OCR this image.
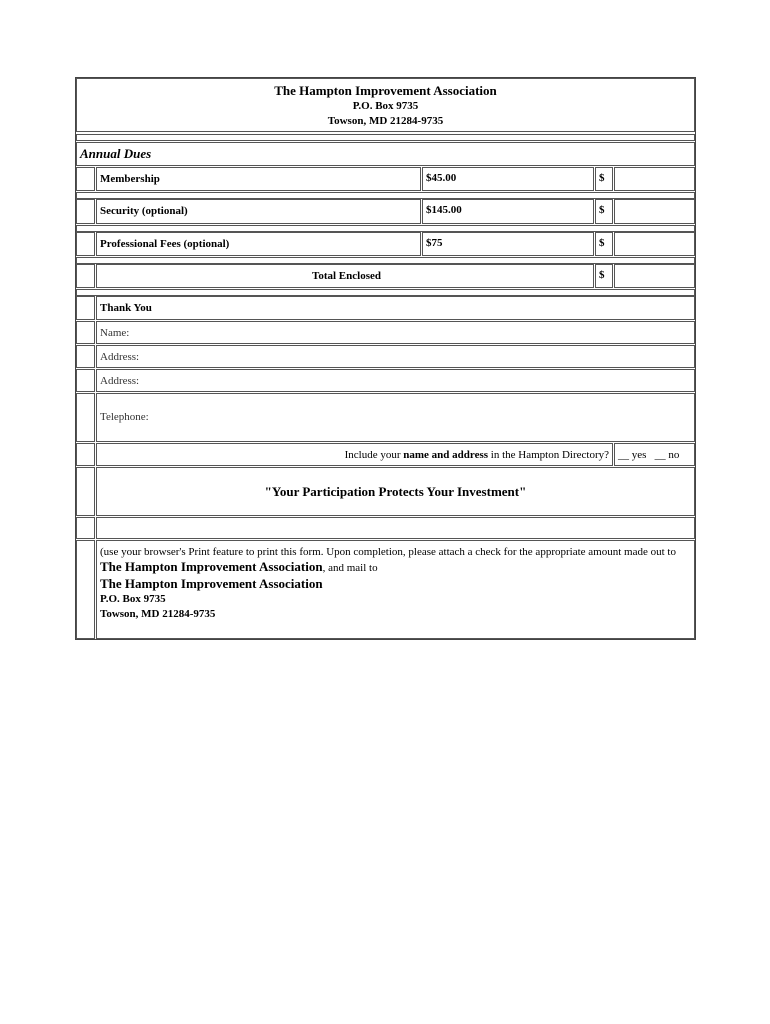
The Hampton Improvement Association
P.O. Box 9735
Towson, MD 21284-9735
Annual Dues
Membership	$45.00	$
Security (optional)	$145.00	$
Professional Fees (optional)	$75	$
Total Enclosed	$
Thank You
Name:
Address:
Address:
Telephone:
Include your name and address in the Hampton Directory? __ yes   __ no
"Your Participation Protects Your Investment"
(use your browser's Print feature to print this form. Upon completion, please attach a check for the appropriate amount made out to
The Hampton Improvement Association, and mail to
The Hampton Improvement Association
P.O. Box 9735
Towson, MD 21284-9735
